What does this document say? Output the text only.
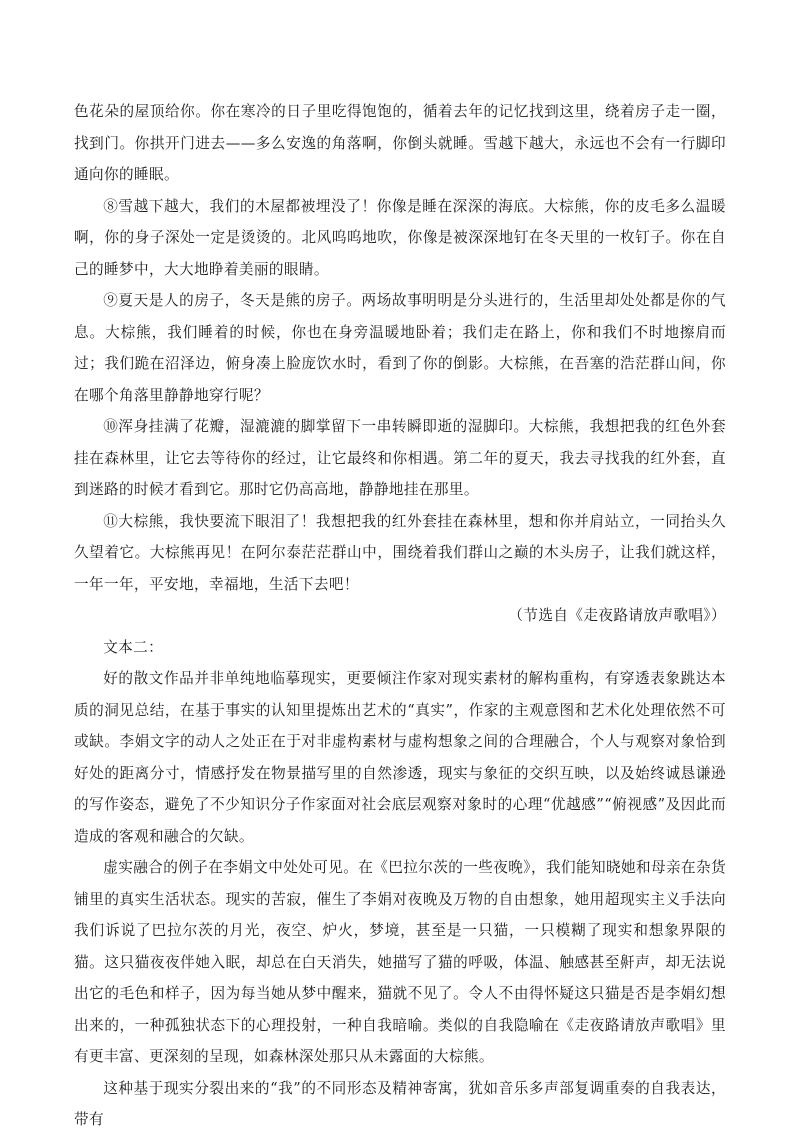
色花朵的屋顶给你。你在寒冷的日子里吃得饱饱的，循着去年的记忆找到这里，绕着房子走一圈，找到门。你拱开门进去——多么安逸的角落啊，你倒头就睡。雪越下越大，永远也不会有一行脚印通向你的睡眠。

⑧雪越下越大，我们的木屋都被埋没了！你像是睡在深深的海底。大棕熊，你的皮毛多么温暖啊，你的身子深处一定是烫烫的。北风呜呜地吹，你像是被深深地钉在冬天里的一枚钉子。你在自己的睡梦中，大大地睁着美丽的眼睛。

⑨夏天是人的房子，冬天是熊的房子。两场故事明明是分头进行的，生活里却处处都是你的气息。大棕熊，我们睡着的时候，你也在身旁温暖地卧着；我们走在路上，你和我们不时地擦肩而过；我们跪在沼泽边，俯身凑上脸庞饮水时，看到了你的倒影。大棕熊，在吾塞的浩茫群山间，你在哪个角落里静静地穿行呢？

⑩浑身挂满了花瓣，湿漉漉的脚掌留下一串转瞬即逝的湿脚印。大棕熊，我想把我的红色外套挂在森林里，让它去等待你的经过，让它最终和你相遇。第二年的夏天，我去寻找我的红外套，直到迷路的时候才看到它。那时它仍高高地，静静地挂在那里。

⑪大棕熊，我快要流下眼泪了！我想把我的红外套挂在森林里，想和你并肩站立，一同抬头久久望着它。大棕熊再见！在阿尔泰茫茫群山中，围绕着我们群山之巅的木头房子，让我们就这样，一年一年，平安地，幸福地，生活下去吧！

（节选自《走夜路请放声歌唱》）

文本二：

好的散文作品并非单纯地临摹现实，更要倾注作家对现实素材的解构重构，有穿透表象跳达本质的洞见总结，在基于事实的认知里提炼出艺术的“真实”，作家的主观意图和艺术化处理依然不可或缺。李娟文字的动人之处正在于对非虚构素材与虚构想象之间的合理融合，个人与观察对象恰到好处的距离分寸，情感抒发在物景描写里的自然渗透，现实与象征的交织互映，以及始终诚恳谦逊的写作姿态，避免了不少知识分子作家面对社会底层观察对象时的心理“优越感”“俯视感”及因此而造成的客观和融合的欠缺。

虚实融合的例子在李娟文中处处可见。在《巴拉尔茨的一些夜晚》，我们能知晓她和母亲在杂货铺里的真实生活状态。现实的苦寂，催生了李娟对夜晚及万物的自由想象，她用超现实主义手法向我们诉说了巴拉尔茨的月光，夜空、炉火，梦境，甚至是一只猫，一只模糊了现实和想象界限的猫。这只猫夜夜伴她入眠，却总在白天消失，她描写了猫的呼吸，体温、触感甚至鼾声，却无法说出它的毛色和样子，因为每当她从梦中醒来，猫就不见了。令人不由得怀疑这只猫是否是李娟幻想出来的，一种孤独状态下的心理投射，一种自我暗喻。类似的自我隐喻在《走夜路请放声歌唱》里有更丰富、更深刻的呈现，如森林深处那只从未露面的大棕熊。

这种基于现实分裂出来的“我”的不同形态及精神寄寓，犹如音乐多声部复调重奏的自我表达，带有
